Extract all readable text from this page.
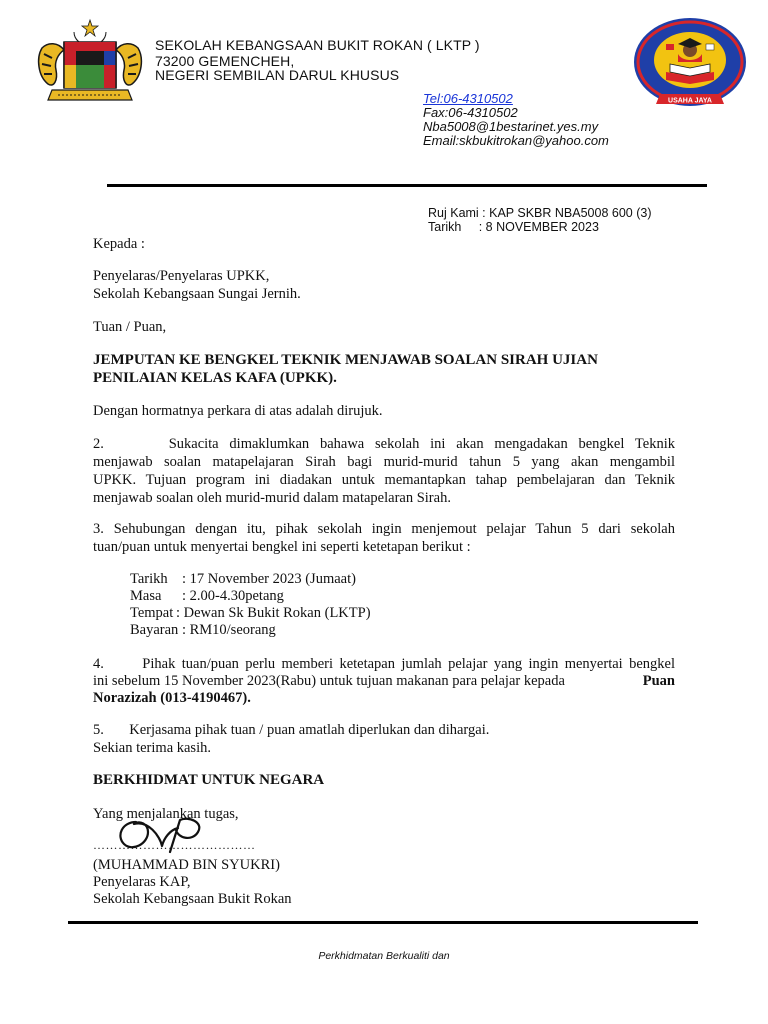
USAHA JAYA
SEKOLAH KEBANGSAAN BUKIT ROKAN ( LKTP )
73200 GEMENCHEH,
NEGERI SEMBILAN DARUL KHUSUS
Tel:06-4310502
Fax:06-4310502
Nba5008@1bestarinet.yes.my
Email:skbukitrokan@yahoo.com
Ruj Kami : KAP SKBR NBA5008 600 (3)
Tarikh     : 8 NOVEMBER 2023
Kepada :
Penyelaras/Penyelaras UPKK,
Sekolah Kebangsaan Sungai Jernih.
Tuan / Puan,
JEMPUTAN KE BENGKEL TEKNIK MENJAWAB SOALAN SIRAH UJIAN
PENILAIAN KELAS KAFA (UPKK).
Dengan hormatnya perkara di atas adalah dirujuk.
2.      Sukacita dimaklumkan bahawa sekolah ini akan mengadakan bengkel Teknik
menjawab soalan matapelajaran Sirah bagi murid-murid tahun 5 yang akan mengambil
UPKK. Tujuan program ini diadakan untuk memantapkan tahap pembelajaran dan Teknik
menjawab soalan oleh murid-murid dalam matapelaran Sirah.
3. Sehubungan dengan itu, pihak sekolah ingin menjemout pelajar Tahun 5 dari sekolah
tuan/puan untuk menyertai bengkel ini seperti ketetapan berikut :
Tarikh : 17 November 2023 (Jumaat)
Masa : 2.00-4.30petang
Tempat : Dewan Sk Bukit Rokan (LKTP)
Bayaran : RM10/seorang
4.      Pihak tuan/puan perlu memberi ketetapan jumlah pelajar yang ingin menyertai bengkel
ini sebelum 15 November 2023(Rabu) untuk tujuan makanan para pelajar kepada	Puan
Norazizah (013-4190467).
5.       Kerjasama pihak tuan / puan amatlah diperlukan dan dihargai.
Sekian terima kasih.
BERKHIDMAT UNTUK NEGARA
Yang menjalankan tugas,
…………………………………
(MUHAMMAD BIN SYUKRI)
Penyelaras KAP,
Sekolah Kebangsaan Bukit Rokan
Perkhidmatan Berkualiti dan
